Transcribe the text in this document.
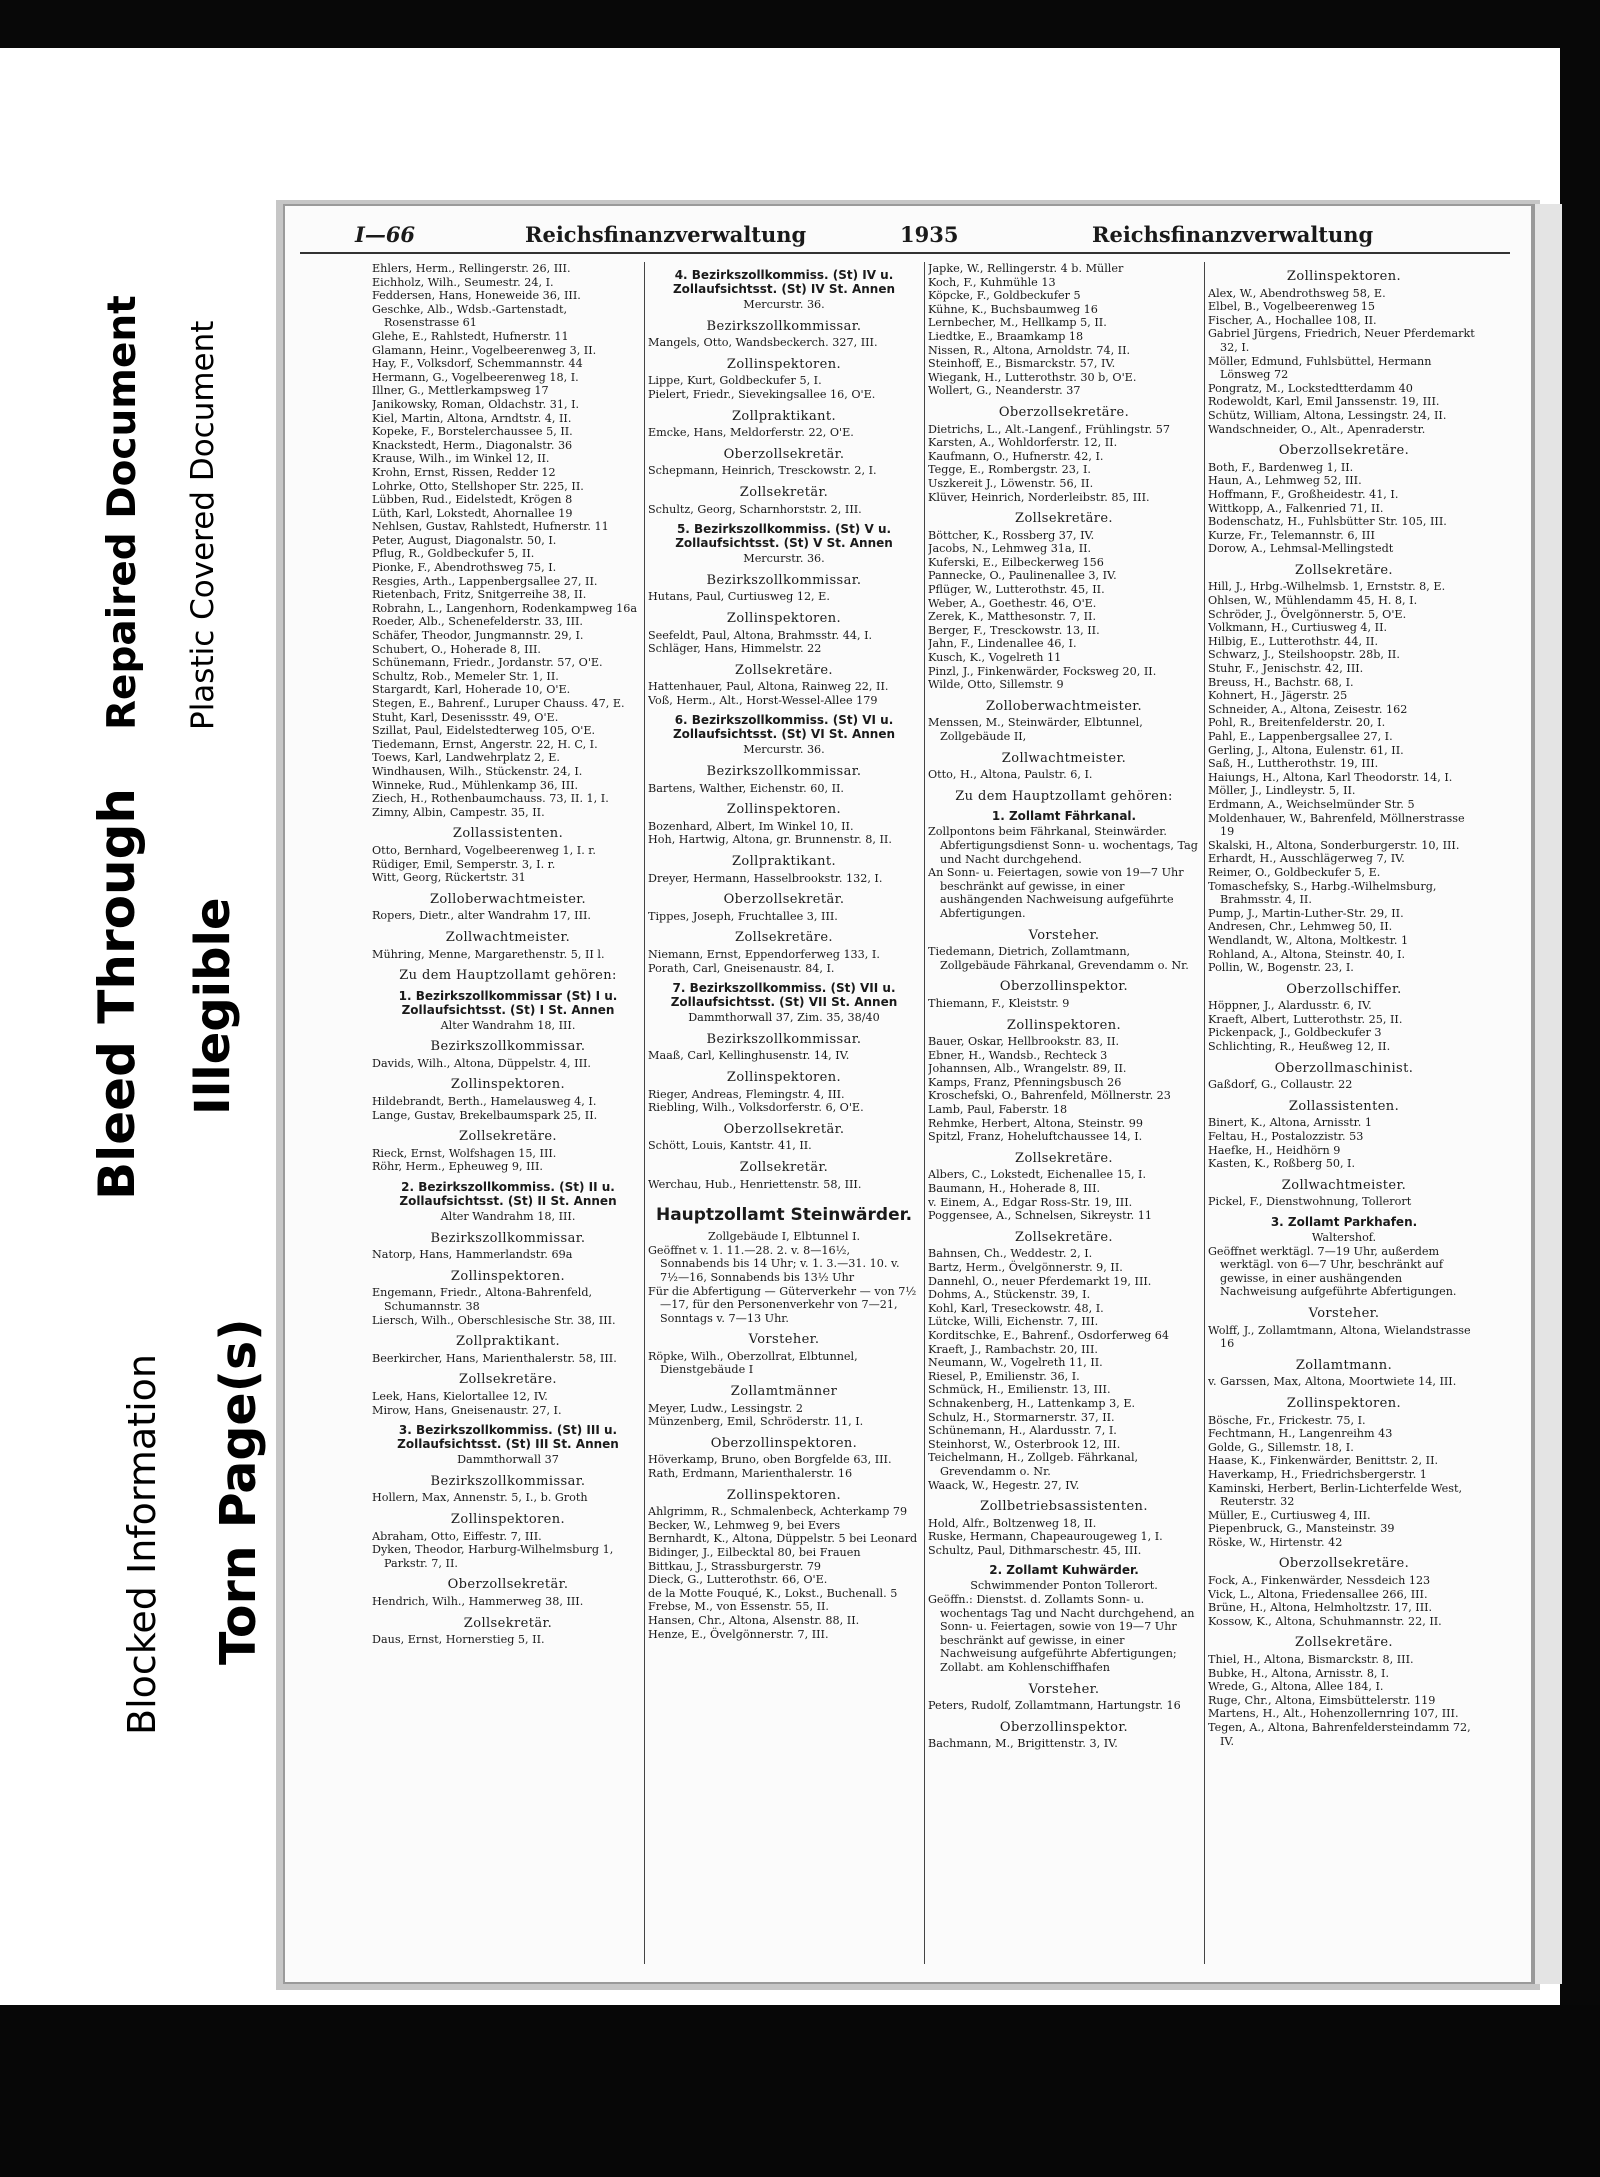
Bleed Through Illegible
Repaired Document Plastic Covered Document
Blocked Information Torn Page(s)
I—66	Reichsfinanzverwaltung	1935	Reichsfinanzverwaltung

Ehlers, Herm., Rellingerstr. 26, III.

Eichholz, Wilh., Seumestr. 24, I.

Feddersen, Hans, Honeweide 36, III.

Geschke, Alb., Wdsb.-Gartenstadt, Rosenstrasse 61

Glehe, E., Rahlstedt, Hufnerstr. 11

Glamann, Heinr., Vogelbeerenweg 3, II.

Hay, F., Volksdorf, Schemmannstr. 44

Hermann, G., Vogelbeerenweg 18, I.

Illner, G., Mettlerkampsweg 17

Janikowsky, Roman, Oldachstr. 31, I.

Kiel, Martin, Altona, Arndtstr. 4, II.

Kopeke, F., Borstelerchaussee 5, II.

Knackstedt, Herm., Diagonalstr. 36

Krause, Wilh., im Winkel 12, II.

Krohn, Ernst, Rissen, Redder 12

Lohrke, Otto, Stellshoper Str. 225, II.

Lübben, Rud., Eidelstedt, Krögen 8

Lüth, Karl, Lokstedt, Ahornallee 19

Nehlsen, Gustav, Rahlstedt, Hufnerstr. 11

Peter, August, Diagonalstr. 50, I.

Pflug, R., Goldbeckufer 5, II.

Pionke, F., Abendrothsweg 75, I.

Resgies, Arth., Lappenbergsallee 27, II.

Rietenbach, Fritz, Snitgerreihe 38, II.

Robrahn, L., Langenhorn, Rodenkampweg 16a

Roeder, Alb., Schenefelderstr. 33, III.

Schäfer, Theodor, Jungmannstr. 29, I.

Schubert, O., Hoherade 8, III.

Schünemann, Friedr., Jordanstr. 57, O'E.

Schultz, Rob., Memeler Str. 1, II.

Stargardt, Karl, Hoherade 10, O'E.

Stegen, E., Bahrenf., Luruper Chauss. 47, E.

Stuht, Karl, Desenissstr. 49, O'E.

Szillat, Paul, Eidelstedterweg 105, O'E.

Tiedemann, Ernst, Angerstr. 22, H. C, I.

Toews, Karl, Landwehrplatz 2, E.

Windhausen, Wilh., Stückenstr. 24, I.

Winneke, Rud., Mühlenkamp 36, III.

Ziech, H., Rothenbaumchauss. 73, II. 1, I.

Zimny, Albin, Campestr. 35, II.

Zollassistenten.

Otto, Bernhard, Vogelbeerenweg 1, I. r.

Rüdiger, Emil, Semperstr. 3, I. r.

Witt, Georg, Rückertstr. 31

Zolloberwachtmeister.

Ropers, Dietr., alter Wandrahm 17, III.

Zollwachtmeister.

Mühring, Menne, Margarethenstr. 5, II l.

Zu dem Hauptzollamt gehören:

1. Bezirkszollkommissar (St) I u. Zollaufsichtsst. (St) I St. Annen

Alter Wandrahm 18, III.

Bezirkszollkommissar.

Davids, Wilh., Altona, Düppelstr. 4, III.

Zollinspektoren.

Hildebrandt, Berth., Hamelausweg 4, I.

Lange, Gustav, Brekelbaumspark 25, II.

Zollsekretäre.

Rieck, Ernst, Wolfshagen 15, III.

Röhr, Herm., Epheuweg 9, III.

2. Bezirkszollkommiss. (St) II u. Zollaufsichtsst. (St) II St. Annen

Alter Wandrahm 18, III.

Bezirkszollkommissar.

Natorp, Hans, Hammerlandstr. 69a

Zollinspektoren.

Engemann, Friedr., Altona-Bahrenfeld, Schumannstr. 38

Liersch, Wilh., Oberschlesische Str. 38, III.

Zollpraktikant.

Beerkircher, Hans, Marienthalerstr. 58, III.

Zollsekretäre.

Leek, Hans, Kielortallee 12, IV.

Mirow, Hans, Gneisenaustr. 27, I.

3. Bezirkszollkommiss. (St) III u. Zollaufsichtsst. (St) III St. Annen

Dammthorwall 37

Bezirkszollkommissar.

Hollern, Max, Annenstr. 5, I., b. Groth

Zollinspektoren.

Abraham, Otto, Eiffestr. 7, III.

Dyken, Theodor, Harburg-Wilhelmsburg 1, Parkstr. 7, II.

Oberzollsekretär.

Hendrich, Wilh., Hammerweg 38, III.

Zollsekretär.

Daus, Ernst, Hornerstieg 5, II.

4. Bezirkszollkommiss. (St) IV u. Zollaufsichtsst. (St) IV St. Annen

Mercurstr. 36.

Bezirkszollkommissar.

Mangels, Otto, Wandsbeckerch. 327, III.

Zollinspektoren.

Lippe, Kurt, Goldbeckufer 5, I.

Pielert, Friedr., Sievekingsallee 16, O'E.

Zollpraktikant.

Emcke, Hans, Meldorferstr. 22, O'E.

Oberzollsekretär.

Schepmann, Heinrich, Tresckowstr. 2, I.

Zollsekretär.

Schultz, Georg, Scharnhorststr. 2, III.

5. Bezirkszollkommiss. (St) V u. Zollaufsichtsst. (St) V St. Annen

Mercurstr. 36.

Bezirkszollkommissar.

Hutans, Paul, Curtiusweg 12, E.

Zollinspektoren.

Seefeldt, Paul, Altona, Brahmsstr. 44, I.

Schläger, Hans, Himmelstr. 22

Zollsekretäre.

Hattenhauer, Paul, Altona, Rainweg 22, II.

Voß, Herm., Alt., Horst-Wessel-Allee 179

6. Bezirkszollkommiss. (St) VI u. Zollaufsichtsst. (St) VI St. Annen

Mercurstr. 36.

Bezirkszollkommissar.

Bartens, Walther, Eichenstr. 60, II.

Zollinspektoren.

Bozenhard, Albert, Im Winkel 10, II.

Hoh, Hartwig, Altona, gr. Brunnenstr. 8, II.

Zollpraktikant.

Dreyer, Hermann, Hasselbrookstr. 132, I.

Oberzollsekretär.

Tippes, Joseph, Fruchtallee 3, III.

Zollsekretäre.

Niemann, Ernst, Eppendorferweg 133, I.

Porath, Carl, Gneisenaustr. 84, I.

7. Bezirkszollkommiss. (St) VII u. Zollaufsichtsst. (St) VII St. Annen

Dammthorwall 37, Zim. 35, 38/40

Bezirkszollkommissar.

Maaß, Carl, Kellinghusenstr. 14, IV.

Zollinspektoren.

Rieger, Andreas, Flemingstr. 4, III.

Riebling, Wilh., Volksdorferstr. 6, O'E.

Oberzollsekretär.

Schött, Louis, Kantstr. 41, II.

Zollsekretär.

Werchau, Hub., Henriettenstr. 58, III.

Hauptzollamt Steinwärder.

Zollgebäude I, Elbtunnel I.

Geöffnet v. 1. 11.—28. 2. v. 8—16½, Sonnabends bis 14 Uhr; v. 1. 3.—31. 10. v. 7½—16, Sonnabends bis 13½ Uhr

Für die Abfertigung — Güterverkehr — von 7½—17, für den Personenverkehr von 7—21, Sonntags v. 7—13 Uhr.

Vorsteher.

Röpke, Wilh., Oberzollrat, Elbtunnel, Dienstgebäude I

Zollamtmänner

Meyer, Ludw., Lessingstr. 2

Münzenberg, Emil, Schröderstr. 11, I.

Oberzollinspektoren.

Höverkamp, Bruno, oben Borgfelde 63, III.

Rath, Erdmann, Marienthalerstr. 16

Zollinspektoren.

Ahlgrimm, R., Schmalenbeck, Achterkamp 79

Becker, W., Lehmweg 9, bei Evers

Bernhardt, K., Altona, Düppelstr. 5 bei Leonard

Bidinger, J., Eilbecktal 80, bei Frauen

Bittkau, J., Strassburgerstr. 79

Dieck, G., Lutterothstr. 66, O'E.

de la Motte Fouqué, K., Lokst., Buchenall. 5

Frebse, M., von Essenstr. 55, II.

Hansen, Chr., Altona, Alsenstr. 88, II.

Henze, E., Övelgönnerstr. 7, III.

Japke, W., Rellingerstr. 4 b. Müller

Koch, F., Kuhmühle 13

Köpcke, F., Goldbeckufer 5

Kühne, K., Buchsbaumweg 16

Lernbecher, M., Hellkamp 5, II.

Liedtke, E., Braamkamp 18

Nissen, R., Altona, Arnoldstr. 74, II.

Steinhoff, E., Bismarckstr. 57, IV.

Wiegank, H., Lutterothstr. 30 b, O'E.

Wollert, G., Neanderstr. 37

Oberzollsekretäre.

Dietrichs, L., Alt.-Langenf., Frühlingstr. 57

Karsten, A., Wohldorferstr. 12, II.

Kaufmann, O., Hufnerstr. 42, I.

Tegge, E., Rombergstr. 23, I.

Uszkereit J., Löwenstr. 56, II.

Klüver, Heinrich, Norderleibstr. 85, III.

Zollsekretäre.

Böttcher, K., Rossberg 37, IV.

Jacobs, N., Lehmweg 31a, II.

Kuferski, E., Eilbeckerweg 156

Pannecke, O., Paulinenallee 3, IV.

Pflüger, W., Lutterothstr. 45, II.

Weber, A., Goethestr. 46, O'E.

Zerek, K., Matthesonstr. 7, II.

Berger, F., Tresckowstr. 13, II.

Jahn, F., Lindenallee 46, I.

Kusch, K., Vogelreth 11

Pinzl, J., Finkenwärder, Focksweg 20, II.

Wilde, Otto, Sillemstr. 9

Zolloberwachtmeister.

Menssen, M., Steinwärder, Elbtunnel, Zollgebäude II,

Zollwachtmeister.

Otto, H., Altona, Paulstr. 6, I.

Zu dem Hauptzollamt gehören:

1. Zollamt Fährkanal.

Zollpontons beim Fährkanal, Steinwärder. Abfertigungsdienst Sonn- u. wochentags, Tag und Nacht durchgehend.

An Sonn- u. Feiertagen, sowie von 19—7 Uhr beschränkt auf gewisse, in einer aushängenden Nachweisung aufgeführte Abfertigungen.

Vorsteher.

Tiedemann, Dietrich, Zollamtmann, Zollgebäude Fährkanal, Grevendamm o. Nr.

Oberzollinspektor.

Thiemann, F., Kleiststr. 9

Zollinspektoren.

Bauer, Oskar, Hellbrookstr. 83, II.

Ebner, H., Wandsb., Rechteck 3

Johannsen, Alb., Wrangelstr. 89, II.

Kamps, Franz, Pfenningsbusch 26

Kroschefski, O., Bahrenfeld, Möllnerstr. 23

Lamb, Paul, Faberstr. 18

Rehmke, Herbert, Altona, Steinstr. 99

Spitzl, Franz, Hoheluftchaussee 14, I.

Zollsekretäre.

Albers, C., Lokstedt, Eichenallee 15, I.

Baumann, H., Hoherade 8, III.

v. Einem, A., Edgar Ross-Str. 19, III.

Poggensee, A., Schnelsen, Sikreystr. 11

Zollsekretäre.

Bahnsen, Ch., Weddestr. 2, I.

Bartz, Herm., Övelgönnerstr. 9, II.

Dannehl, O., neuer Pferdemarkt 19, III.

Dohms, A., Stückenstr. 39, I.

Kohl, Karl, Treseckowstr. 48, I.

Lütcke, Willi, Eichenstr. 7, III.

Korditschke, E., Bahrenf., Osdorferweg 64

Kraeft, J., Rambachstr. 20, III.

Neumann, W., Vogelreth 11, II.

Riesel, P., Emilienstr. 36, I.

Schmück, H., Emilienstr. 13, III.

Schnakenberg, H., Lattenkamp 3, E.

Schulz, H., Stormarnerstr. 37, II.

Schünemann, H., Alardusstr. 7, I.

Steinhorst, W., Osterbrook 12, III.

Teichelmann, H., Zollgeb. Fährkanal, Grevendamm o. Nr.

Waack, W., Hegestr. 27, IV.

Zollbetriebsassistenten.

Hold, Alfr., Boltzenweg 18, II.

Ruske, Hermann, Chapeaurougeweg 1, I.

Schultz, Paul, Dithmarschestr. 45, III.

2. Zollamt Kuhwärder.

Schwimmender Ponton Tollerort.

Geöffn.: Dienstst. d. Zollamts Sonn- u. wochentags Tag und Nacht durchgehend, an Sonn- u. Feiertagen, sowie von 19—7 Uhr beschränkt auf gewisse, in einer Nachweisung aufgeführte Abfertigungen; Zollabt. am Kohlenschiffhafen

Vorsteher.

Peters, Rudolf, Zollamtmann, Hartungstr. 16

Oberzollinspektor.

Bachmann, M., Brigittenstr. 3, IV.

Zollinspektoren.

Alex, W., Abendrothsweg 58, E.

Elbel, B., Vogelbeerenweg 15

Fischer, A., Hochallee 108, II.

Gabriel Jürgens, Friedrich, Neuer Pferdemarkt 32, I.

Möller, Edmund, Fuhlsbüttel, Hermann Lönsweg 72

Pongratz, M., Lockstedtterdamm 40

Rodewoldt, Karl, Emil Janssenstr. 19, III.

Schütz, William, Altona, Lessingstr. 24, II.

Wandschneider, O., Alt., Apenraderstr.

Oberzollsekretäre.

Both, F., Bardenweg 1, II.

Haun, A., Lehmweg 52, III.

Hoffmann, F., Großheidestr. 41, I.

Wittkopp, A., Falkenried 71, II.

Bodenschatz, H., Fuhlsbütter Str. 105, III.

Kurze, Fr., Telemannstr. 6, III

Dorow, A., Lehmsal-Mellingstedt

Zollsekretäre.

Hill, J., Hrbg.-Wilhelmsb. 1, Ernststr. 8, E.

Ohlsen, W., Mühlendamm 45, H. 8, I.

Schröder, J., Övelgönnerstr. 5, O'E.

Volkmann, H., Curtiusweg 4, II.

Hilbig, E., Lutterothstr. 44, II.

Schwarz, J., Steilshoopstr. 28b, II.

Stuhr, F., Jenischstr. 42, III.

Breuss, H., Bachstr. 68, I.

Kohnert, H., Jägerstr. 25

Schneider, A., Altona, Zeisestr. 162

Pohl, R., Breitenfelderstr. 20, I.

Pahl, E., Lappenbergsallee 27, I.

Gerling, J., Altona, Eulenstr. 61, II.

Saß, H., Luttherothstr. 19, III.

Haiungs, H., Altona, Karl Theodorstr. 14, I.

Möller, J., Lindleystr. 5, II.

Erdmann, A., Weichselmünder Str. 5

Moldenhauer, W., Bahrenfeld, Möllnerstrasse 19

Skalski, H., Altona, Sonderburgerstr. 10, III.

Erhardt, H., Ausschlägerweg 7, IV.

Reimer, O., Goldbeckufer 5, E.

Tomaschefsky, S., Harbg.-Wilhelmsburg, Brahmsstr. 4, II.

Pump, J., Martin-Luther-Str. 29, II.

Andresen, Chr., Lehmweg 50, II.

Wendlandt, W., Altona, Moltkestr. 1

Rohland, A., Altona, Steinstr. 40, I.

Pollin, W., Bogenstr. 23, I.

Oberzollschiffer.

Höppner, J., Alardusstr. 6, IV.

Kraeft, Albert, Lutterothstr. 25, II.

Pickenpack, J., Goldbeckufer 3

Schlichting, R., Heußweg 12, II.

Oberzollmaschinist.

Gaßdorf, G., Collaustr. 22

Zollassistenten.

Binert, K., Altona, Arnisstr. 1

Feltau, H., Postalozzistr. 53

Haefke, H., Heidhörn 9

Kasten, K., Roßberg 50, I.

Zollwachtmeister.

Pickel, F., Dienstwohnung, Tollerort

3. Zollamt Parkhafen.

Waltershof.

Geöffnet werktägl. 7—19 Uhr, außerdem werktägl. von 6—7 Uhr, beschränkt auf gewisse, in einer aushängenden Nachweisung aufgeführte Abfertigungen.

Vorsteher.

Wolff, J., Zollamtmann, Altona, Wielandstrasse 16

Zollamtmann.

v. Garssen, Max, Altona, Moortwiete 14, III.

Zollinspektoren.

Bösche, Fr., Frickestr. 75, I.

Fechtmann, H., Langenreihm 43

Golde, G., Sillemstr. 18, I.

Haase, K., Finkenwärder, Benittstr. 2, II.

Haverkamp, H., Friedrichsbergerstr. 1

Kaminski, Herbert, Berlin-Lichterfelde West, Reuterstr. 32

Müller, E., Curtiusweg 4, III.

Piepenbruck, G., Mansteinstr. 39

Röske, W., Hirtenstr. 42

Oberzollsekretäre.

Fock, A., Finkenwärder, Nessdeich 123

Vick, L., Altona, Friedensallee 266, III.

Brüne, H., Altona, Helmholtzstr. 17, III.

Kossow, K., Altona, Schuhmannstr. 22, II.

Zollsekretäre.

Thiel, H., Altona, Bismarckstr. 8, III.

Bubke, H., Altona, Arnisstr. 8, I.

Wrede, G., Altona, Allee 184, I.

Ruge, Chr., Altona, Eimsbüttelerstr. 119

Martens, H., Alt., Hohenzollernring 107, III.

Tegen, A., Altona, Bahrenfeldersteindamm 72, IV.
